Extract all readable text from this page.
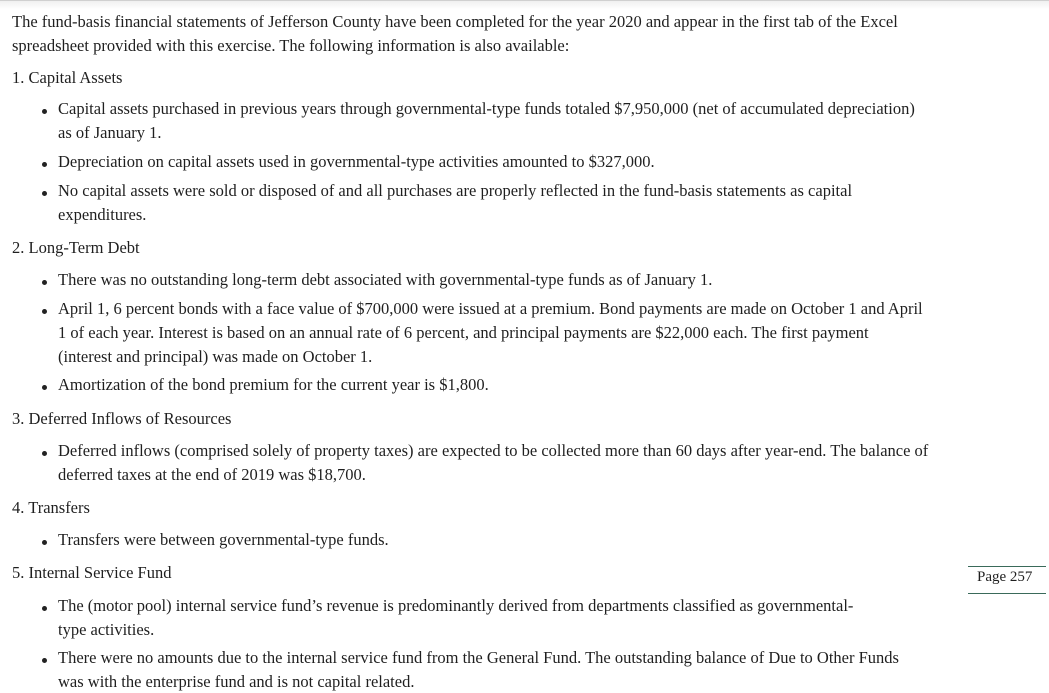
The fund-basis financial statements of Jefferson County have been completed for the year 2020 and appear in the first tab of the Excel
spreadsheet provided with this exercise. The following information is also available:
1. Capital Assets
Capital assets purchased in previous years through governmental-type funds totaled $7,950,000 (net of accumulated depreciation)
as of January 1.
Depreciation on capital assets used in governmental-type activities amounted to $327,000.
No capital assets were sold or disposed of and all purchases are properly reflected in the fund-basis statements as capital
expenditures.
2. Long-Term Debt
There was no outstanding long-term debt associated with governmental-type funds as of January 1.
April 1, 6 percent bonds with a face value of $700,000 were issued at a premium. Bond payments are made on October 1 and April
1 of each year. Interest is based on an annual rate of 6 percent, and principal payments are $22,000 each. The first payment
(interest and principal) was made on October 1.
Amortization of the bond premium for the current year is $1,800.
3. Deferred Inflows of Resources
Deferred inflows (comprised solely of property taxes) are expected to be collected more than 60 days after year-end. The balance of
deferred taxes at the end of 2019 was $18,700.
4. Transfers
Transfers were between governmental-type funds.
5. Internal Service Fund
The (motor pool) internal service fund’s revenue is predominantly derived from departments classified as governmental-
type activities.
There were no amounts due to the internal service fund from the General Fund. The outstanding balance of Due to Other Funds
was with the enterprise fund and is not capital related.
Page 257
